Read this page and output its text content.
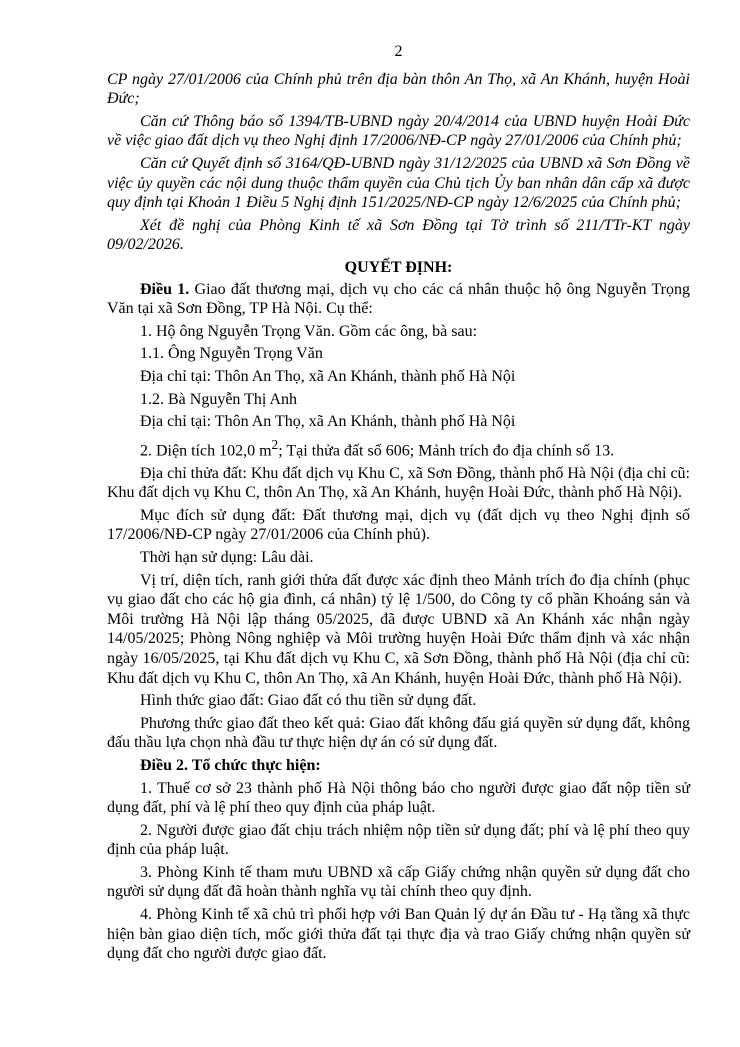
2

CP ngày 27/01/2006 của Chính phủ trên địa bàn thôn An Thọ, xã An Khánh, huyện Hoài Đức;

Căn cứ Thông báo số 1394/TB-UBND ngày 20/4/2014 của UBND huyện Hoài Đức về việc giao đất dịch vụ theo Nghị định 17/2006/NĐ-CP ngày 27/01/2006 của Chính phủ;

Căn cứ Quyết định số 3164/QĐ-UBND ngày 31/12/2025 của UBND xã Sơn Đồng về việc ủy quyền các nội dung thuộc thẩm quyền của Chủ tịch Ủy ban nhân dân cấp xã được quy định tại Khoản 1 Điều 5 Nghị định 151/2025/NĐ-CP ngày 12/6/2025 của Chính phủ;

Xét đề nghị của Phòng Kinh tế xã Sơn Đồng tại Tờ trình số 211/TTr-KT ngày 09/02/2026.

QUYẾT ĐỊNH:

Điều 1. Giao đất thương mại, dịch vụ cho các cá nhân thuộc hộ ông Nguyễn Trọng Văn tại xã Sơn Đồng, TP Hà Nội. Cụ thể:

1. Hộ ông Nguyễn Trọng Văn. Gồm các ông, bà sau:

1.1. Ông Nguyễn Trọng Văn

Địa chỉ tại: Thôn An Thọ, xã An Khánh, thành phố Hà Nội

1.2. Bà Nguyễn Thị Anh

Địa chỉ tại: Thôn An Thọ, xã An Khánh, thành phố Hà Nội

2. Diện tích 102,0 $m^2$; Tại thửa đất số 606; Mảnh trích đo địa chính số 13.

Địa chỉ thửa đất: Khu đất dịch vụ Khu C, xã Sơn Đồng, thành phố Hà Nội (địa chỉ cũ: Khu đất dịch vụ Khu C, thôn An Thọ, xã An Khánh, huyện Hoài Đức, thành phố Hà Nội).

Mục đích sử dụng đất: Đất thương mại, dịch vụ (đất dịch vụ theo Nghị định số 17/2006/NĐ-CP ngày 27/01/2006 của Chính phủ).

Thời hạn sử dụng: Lâu dài.

Vị trí, diện tích, ranh giới thửa đất được xác định theo Mảnh trích đo địa chính (phục vụ giao đất cho các hộ gia đình, cá nhân) tỷ lệ 1/500, do Công ty cổ phần Khoáng sản và Môi trường Hà Nội lập tháng 05/2025, đã được UBND xã An Khánh xác nhận ngày 14/05/2025; Phòng Nông nghiệp và Môi trường huyện Hoài Đức thẩm định và xác nhận ngày 16/05/2025, tại Khu đất dịch vụ Khu C, xã Sơn Đồng, thành phố Hà Nội (địa chỉ cũ: Khu đất dịch vụ Khu C, thôn An Thọ, xã An Khánh, huyện Hoài Đức, thành phố Hà Nội).

Hình thức giao đất: Giao đất có thu tiền sử dụng đất.

Phương thức giao đất theo kết quả: Giao đất không đấu giá quyền sử dụng đất, không đấu thầu lựa chọn nhà đầu tư thực hiện dự án có sử dụng đất.

Điều 2. Tổ chức thực hiện:

1. Thuế cơ sở 23 thành phố Hà Nội thông báo cho người được giao đất nộp tiền sử dụng đất, phí và lệ phí theo quy định của pháp luật.

2. Người được giao đất chịu trách nhiệm nộp tiền sử dụng đất; phí và lệ phí theo quy định của pháp luật.

3. Phòng Kinh tế tham mưu UBND xã cấp Giấy chứng nhận quyền sử dụng đất cho người sử dụng đất đã hoàn thành nghĩa vụ tài chính theo quy định.

4. Phòng Kinh tế xã chủ trì phối hợp với Ban Quản lý dự án Đầu tư - Hạ tầng xã thực hiện bàn giao diện tích, mốc giới thửa đất tại thực địa và trao Giấy chứng nhận quyền sử dụng đất cho người được giao đất.
